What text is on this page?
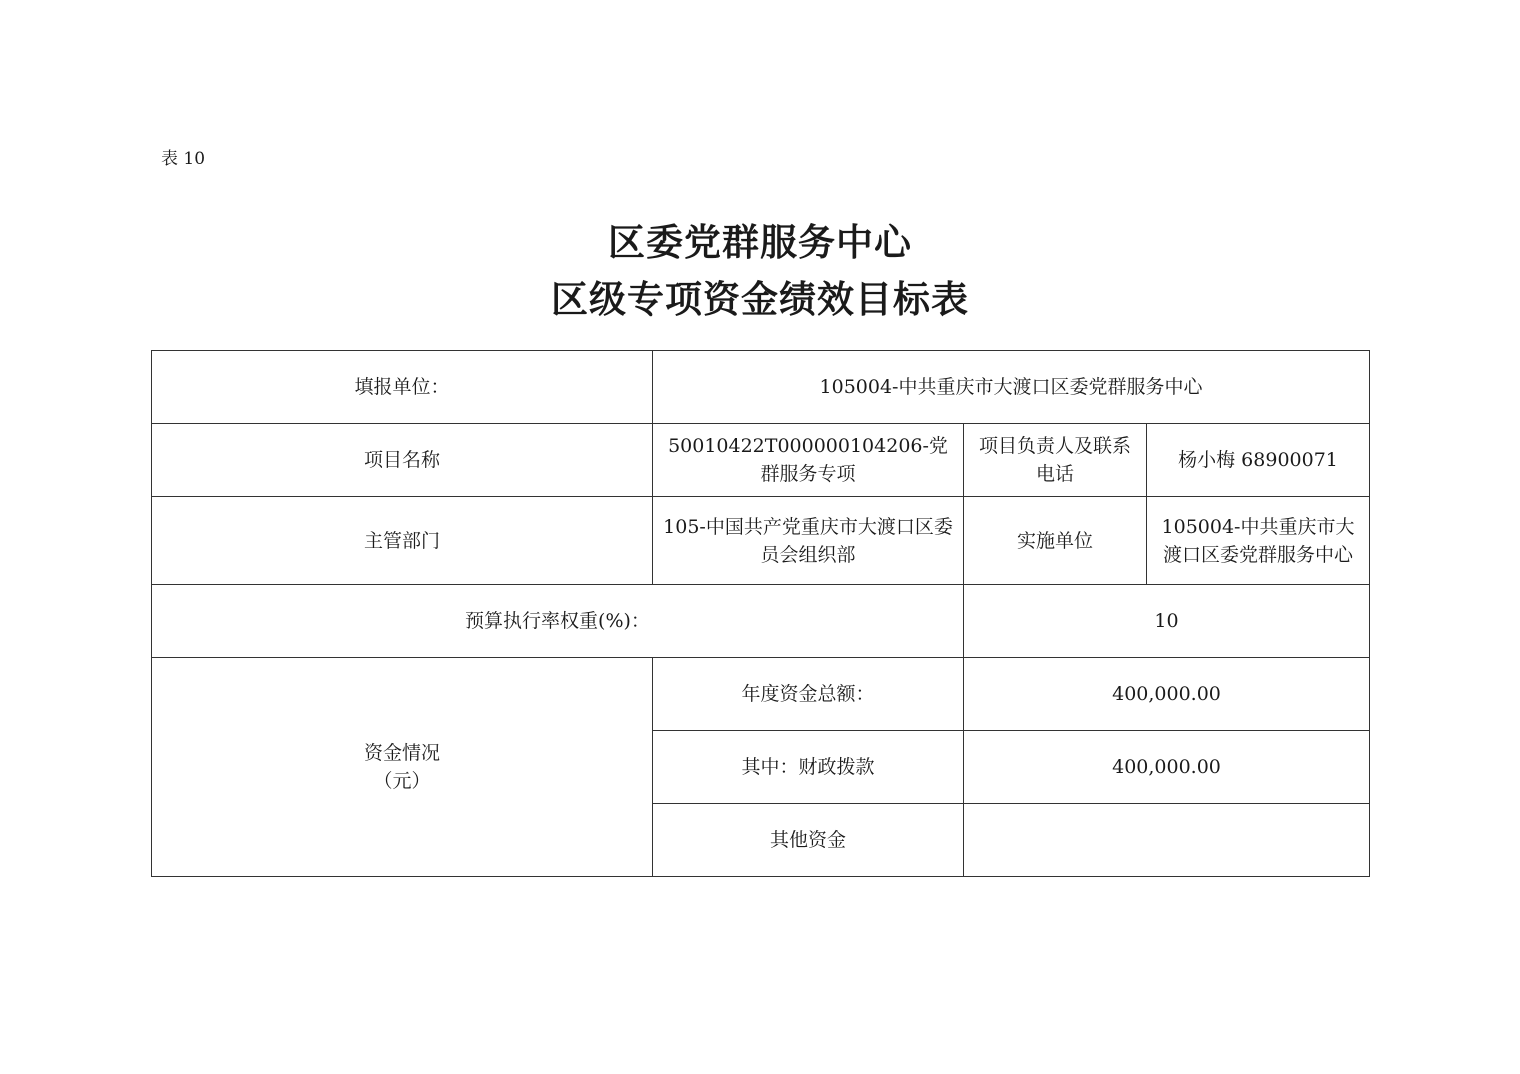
表 10
区委党群服务中心
区级专项资金绩效目标表
填报单位：	105004-中共重庆市大渡口区委党群服务中心		
项目名称	50010422T000000104206-党群服务专项	项目负责人及联系电话	杨小梅 68900071
主管部门	105-中国共产党重庆市大渡口区委员会组织部	实施单位	105004-中共重庆市大渡口区委党群服务中心
预算执行率权重(%)：		10	

资金情况
（元）	年度资金总额：	400,000.00	
	其中：财政拨款	400,000.00	
	其他资金		
